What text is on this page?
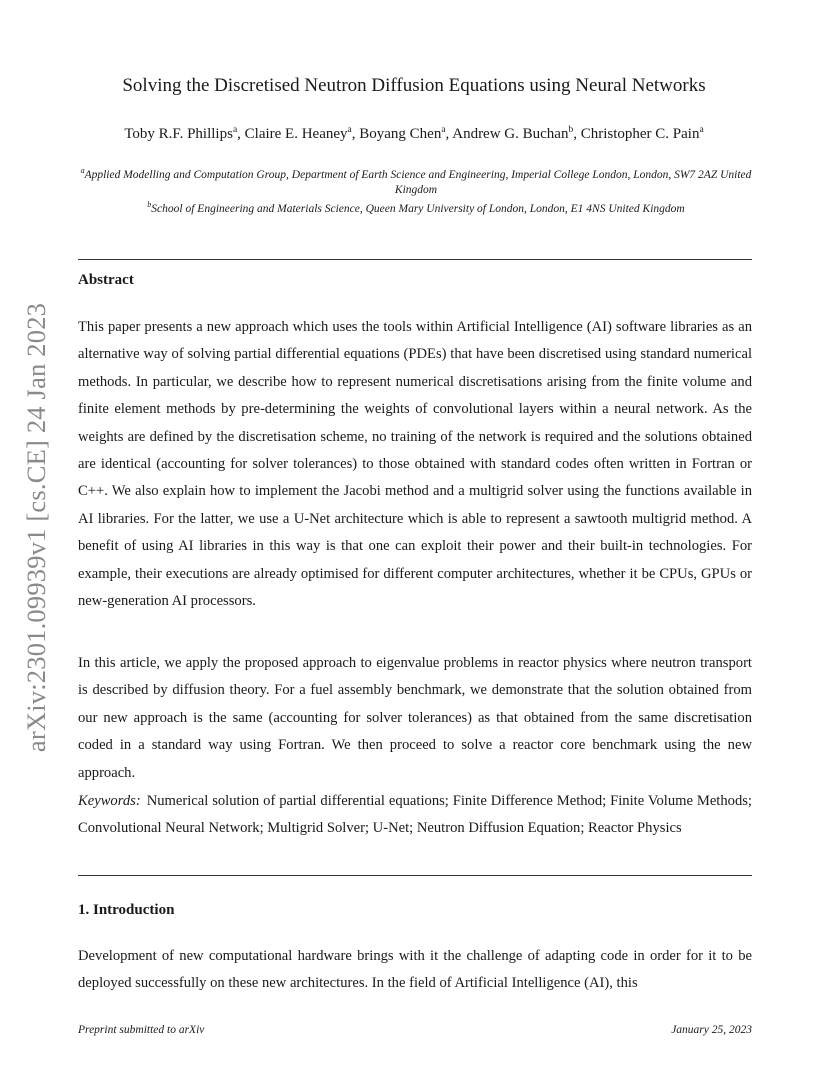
arXiv:2301.09939v1 [cs.CE] 24 Jan 2023
Solving the Discretised Neutron Diffusion Equations using Neural Networks
Toby R.F. Phillips$^a$, Claire E. Heaney$^a$, Boyang Chen$^a$, Andrew G. Buchan$^b$, Christopher C. Pain$^a$
$^a$Applied Modelling and Computation Group, Department of Earth Science and Engineering, Imperial College London, London, SW7 2AZ United Kingdom
$^b$School of Engineering and Materials Science, Queen Mary University of London, London, E1 4NS United Kingdom
Abstract
This paper presents a new approach which uses the tools within Artificial Intelligence (AI) software libraries as an alternative way of solving partial differential equations (PDEs) that have been discretised using standard numerical methods. In particular, we describe how to represent numerical discretisations arising from the finite volume and finite element methods by pre-determining the weights of convolutional layers within a neural network. As the weights are defined by the discretisation scheme, no training of the network is required and the solutions obtained are identical (accounting for solver tolerances) to those obtained with standard codes often written in Fortran or C++. We also explain how to implement the Jacobi method and a multigrid solver using the functions available in AI libraries. For the latter, we use a U-Net architecture which is able to represent a sawtooth multigrid method. A benefit of using AI libraries in this way is that one can exploit their power and their built-in technologies. For example, their executions are already optimised for different computer architectures, whether it be CPUs, GPUs or new-generation AI processors.
In this article, we apply the proposed approach to eigenvalue problems in reactor physics where neutron transport is described by diffusion theory. For a fuel assembly benchmark, we demonstrate that the solution obtained from our new approach is the same (accounting for solver tolerances) as that obtained from the same discretisation coded in a standard way using Fortran. We then proceed to solve a reactor core benchmark using the new approach.
Keywords: Numerical solution of partial differential equations; Finite Difference Method; Finite Volume Methods; Convolutional Neural Network; Multigrid Solver; U-Net; Neutron Diffusion Equation; Reactor Physics
1. Introduction
Development of new computational hardware brings with it the challenge of adapting code in order for it to be deployed successfully on these new architectures. In the field of Artificial Intelligence (AI), this
Preprint submitted to arXiv	January 25, 2023
